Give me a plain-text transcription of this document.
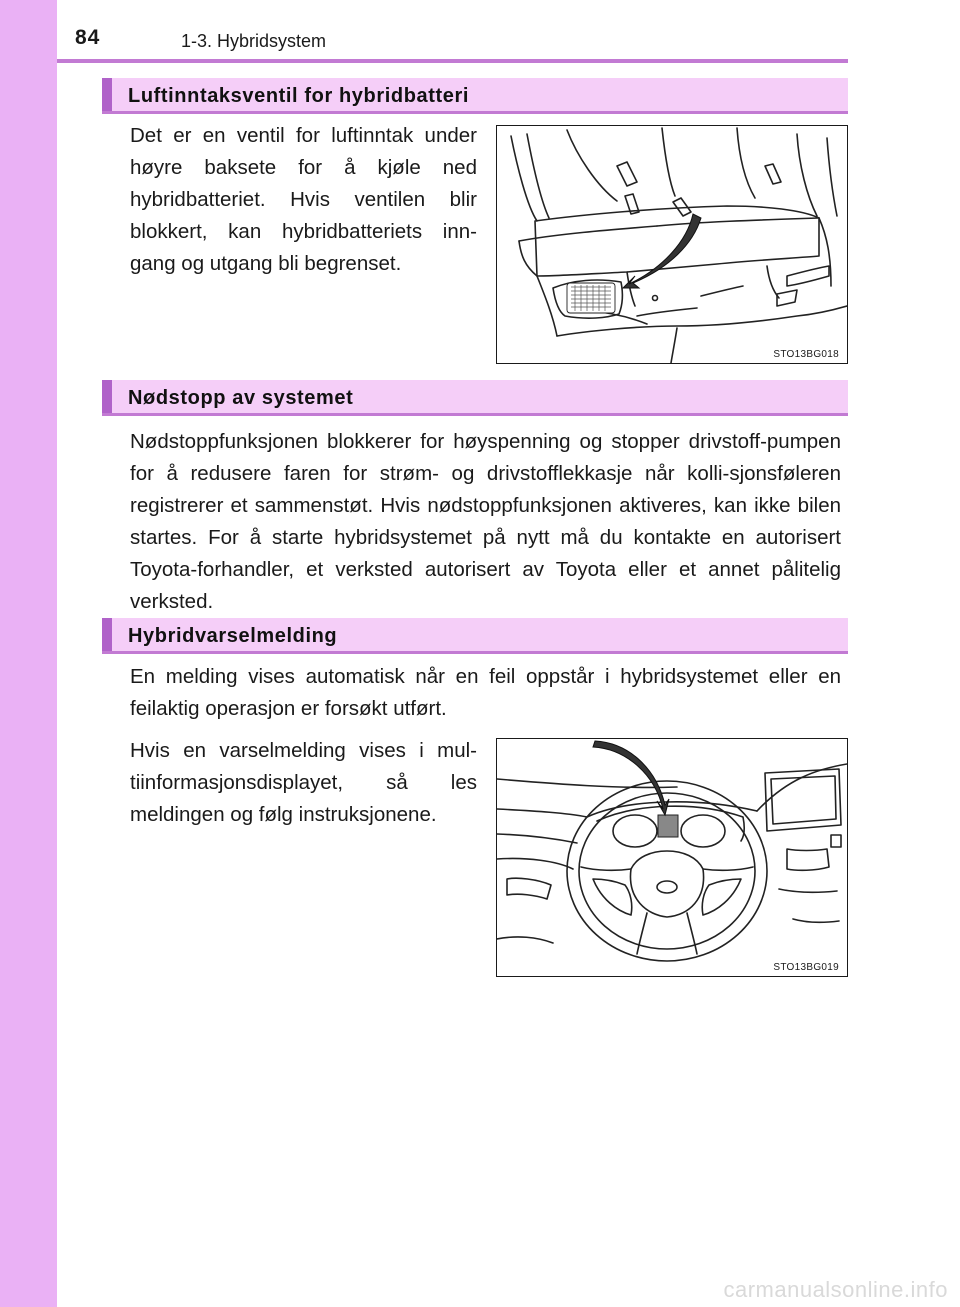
84	1-3. Hybridsystem
Luftinntaksventil for hybridbatteri
Det er en ventil for luftinntak under høyre baksete for å kjøle ned hybridbatteriet. Hvis ventilen blir blokkert, kan hybridbatteriets inn-gang og utgang bli begrenset.
STO13BG018
Nødstopp av systemet
Nødstoppfunksjonen blokkerer for høyspenning og stopper drivstoff-pumpen for å redusere faren for strøm- og drivstofflekkasje når kolli-sjonsføleren registrerer et sammenstøt. Hvis nødstoppfunksjonen aktiveres, kan ikke bilen startes. For å starte hybridsystemet på nytt må du kontakte en autorisert Toyota-forhandler, et verksted autorisert av Toyota eller et annet pålitelig verksted.
Hybridvarselmelding
En melding vises automatisk når en feil oppstår i hybridsystemet eller en feilaktig operasjon er forsøkt utført.
Hvis en varselmelding vises i mul-tiinformasjonsdisplayet, så les meldingen og følg instruksjonene.
STO13BG019
carmanualsonline.info
